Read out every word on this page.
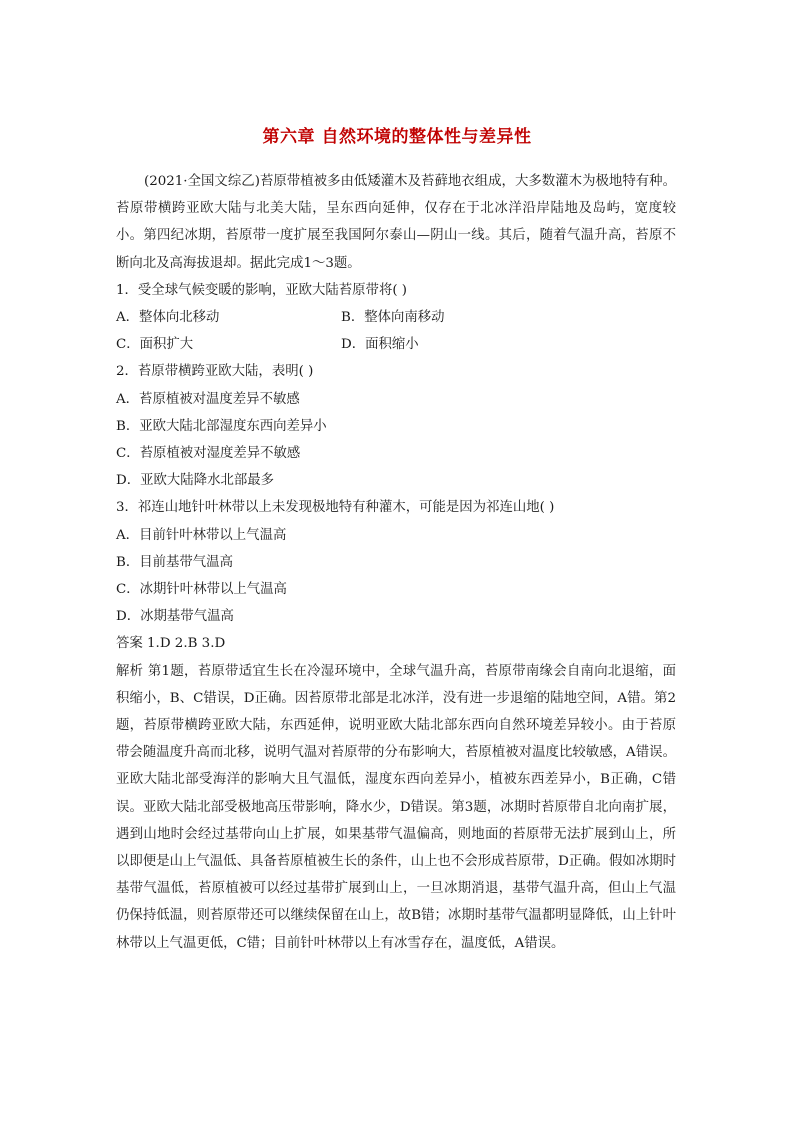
第六章 自然环境的整体性与差异性

(2021·全国文综乙)苔原带植被多由低矮灌木及苔藓地衣组成，大多数灌木为极地特有种。苔原带横跨亚欧大陆与北美大陆，呈东西向延伸，仅存在于北冰洋沿岸陆地及岛屿，宽度较小。第四纪冰期，苔原带一度扩展至我国阿尔泰山—阴山一线。其后，随着气温升高，苔原不断向北及高海拔退却。据此完成1～3题。

1．受全球气候变暖的影响，亚欧大陆苔原带将( )

A．整体向北移动	B．整体向南移动
C．面积扩大	D．面积缩小

2．苔原带横跨亚欧大陆，表明( )

A．苔原植被对温度差异不敏感

B．亚欧大陆北部湿度东西向差异小

C．苔原植被对湿度差异不敏感

D．亚欧大陆降水北部最多

3．祁连山地针叶林带以上未发现极地特有种灌木，可能是因为祁连山地( )

A．目前针叶林带以上气温高

B．目前基带气温高

C．冰期针叶林带以上气温高

D．冰期基带气温高

答案 1.D 2.B 3.D

解析 第1题，苔原带适宜生长在冷湿环境中，全球气温升高，苔原带南缘会自南向北退缩，面积缩小，B、C错误，D正确。因苔原带北部是北冰洋，没有进一步退缩的陆地空间，A错。第2题，苔原带横跨亚欧大陆，东西延伸，说明亚欧大陆北部东西向自然环境差异较小。由于苔原带会随温度升高而北移，说明气温对苔原带的分布影响大，苔原植被对温度比较敏感，A错误。亚欧大陆北部受海洋的影响大且气温低，湿度东西向差异小，植被东西差异小，B正确，C错误。亚欧大陆北部受极地高压带影响，降水少，D错误。第3题，冰期时苔原带自北向南扩展，遇到山地时会经过基带向山上扩展，如果基带气温偏高，则地面的苔原带无法扩展到山上，所以即便是山上气温低、具备苔原植被生长的条件，山上也不会形成苔原带，D正确。假如冰期时基带气温低，苔原植被可以经过基带扩展到山上，一旦冰期消退，基带气温升高，但山上气温仍保持低温，则苔原带还可以继续保留在山上，故B错；冰期时基带气温都明显降低，山上针叶林带以上气温更低，C错；目前针叶林带以上有冰雪存在，温度低，A错误。
